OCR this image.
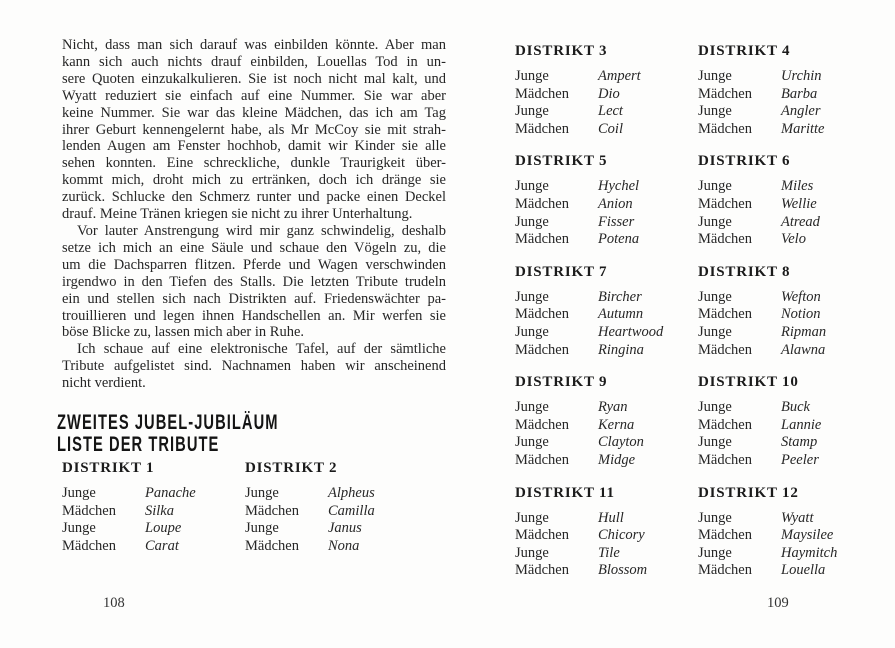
Nicht, dass man sich darauf was einbilden könnte. Aber man
kann sich auch nichts drauf einbilden, Louellas Tod in un-
sere Quoten einzukalkulieren. Sie ist noch nicht mal kalt, und
Wyatt reduziert sie einfach auf eine Nummer. Sie war aber
keine Nummer. Sie war das kleine Mädchen, das ich am Tag
ihrer Geburt kennengelernt habe, als Mr McCoy sie mit strah-
lenden Augen am Fenster hochhob, damit wir Kinder sie alle
sehen konnten. Eine schreckliche, dunkle Traurigkeit über-
kommt mich, droht mich zu ertränken, doch ich dränge sie
zurück. Schlucke den Schmerz runter und packe einen Deckel
drauf. Meine Tränen kriegen sie nicht zu ihrer Unterhaltung.
Vor lauter Anstrengung wird mir ganz schwindelig, deshalb
setze ich mich an eine Säule und schaue den Vögeln zu, die
um die Dachsparren flitzen. Pferde und Wagen verschwinden
irgendwo in den Tiefen des Stalls. Die letzten Tribute trudeln
ein und stellen sich nach Distrikten auf. Friedenswächter pa-
trouillieren und legen ihnen Handschellen an. Mir werfen sie
böse Blicke zu, lassen mich aber in Ruhe.
Ich schaue auf eine elektronische Tafel, auf der sämtliche
Tribute aufgelistet sind. Nachnamen haben wir anscheinend
nicht verdient.
ZWEITES JUBEL-JUBILÄUM
LISTE DER TRIBUTE
DISTRIKT 1
Junge	Panache
Mädchen	Silka
Junge	Loupe
Mädchen	Carat
DISTRIKT 2
Junge	Alpheus
Mädchen	Camilla
Junge	Janus
Mädchen	Nona
108
DISTRIKT 3
Junge	Ampert
Mädchen	Dio
Junge	Lect
Mädchen	Coil
DISTRIKT 4
Junge	Urchin
Mädchen	Barba
Junge	Angler
Mädchen	Maritte
DISTRIKT 5
Junge	Hychel
Mädchen	Anion
Junge	Fisser
Mädchen	Potena
DISTRIKT 6
Junge	Miles
Mädchen	Wellie
Junge	Atread
Mädchen	Velo
DISTRIKT 7
Junge	Bircher
Mädchen	Autumn
Junge	Heartwood
Mädchen	Ringina
DISTRIKT 8
Junge	Wefton
Mädchen	Notion
Junge	Ripman
Mädchen	Alawna
DISTRIKT 9
Junge	Ryan
Mädchen	Kerna
Junge	Clayton
Mädchen	Midge
DISTRIKT 10
Junge	Buck
Mädchen	Lannie
Junge	Stamp
Mädchen	Peeler
DISTRIKT 11
Junge	Hull
Mädchen	Chicory
Junge	Tile
Mädchen	Blossom
DISTRIKT 12
Junge	Wyatt
Mädchen	Maysilee
Junge	Haymitch
Mädchen	Louella
109
